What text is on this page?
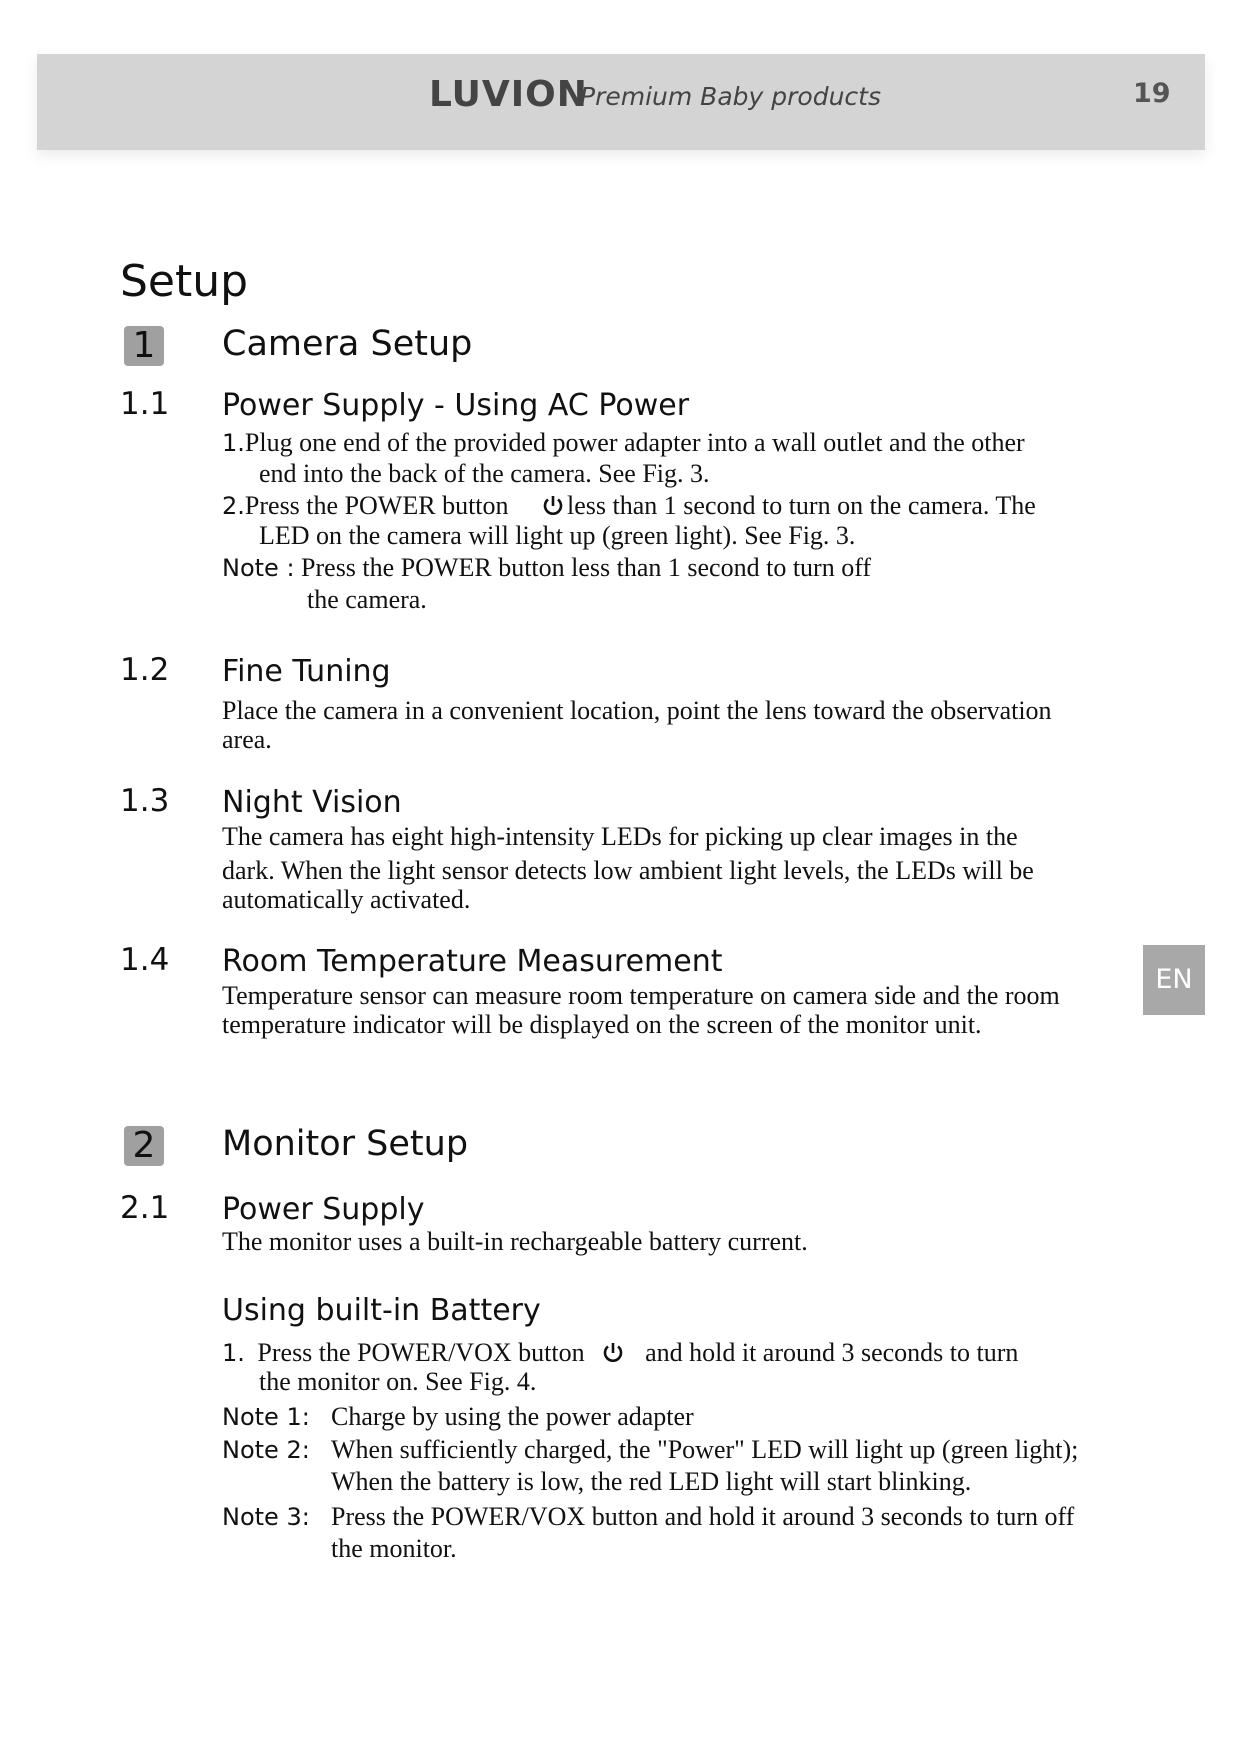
LUVION
Premium Baby products	19
EN
Setup
1 Camera Setup
1.1 Power Supply - Using AC Power
1.Plug one end of the provided power adapter into a wall outlet and the other
end into the back of the camera. See Fig. 3.
2.Press the POWER button less than 1 second to turn on the camera. The
LED on the camera will light up (green light). See Fig. 3.
Note : Press the POWER button less than 1 second to turn off
the camera.
1.2 Fine Tuning
Place the camera in a convenient location, point the lens toward the observation
area.
1.3 Night Vision
The camera has eight high-intensity LEDs for picking up clear images in the
dark. When the light sensor detects low ambient light levels, the LEDs will be
automatically activated.
1.4 Room Temperature Measurement
Temperature sensor can measure room temperature on camera side and the room
temperature indicator will be displayed on the screen of the monitor unit.
2 Monitor Setup
2.1 Power Supply
The monitor uses a built-in rechargeable battery current.
Using built-in Battery
1. Press the POWER/VOX button and hold it around 3 seconds to turn
the monitor on. See Fig. 4.
Note 1: Charge by using the power adapter
Note 2: When sufficiently charged, the "Power" LED will light up (green light);
When the battery is low, the red LED light will start blinking.
Note 3: Press the POWER/VOX button and hold it around 3 seconds to turn off
the monitor.
